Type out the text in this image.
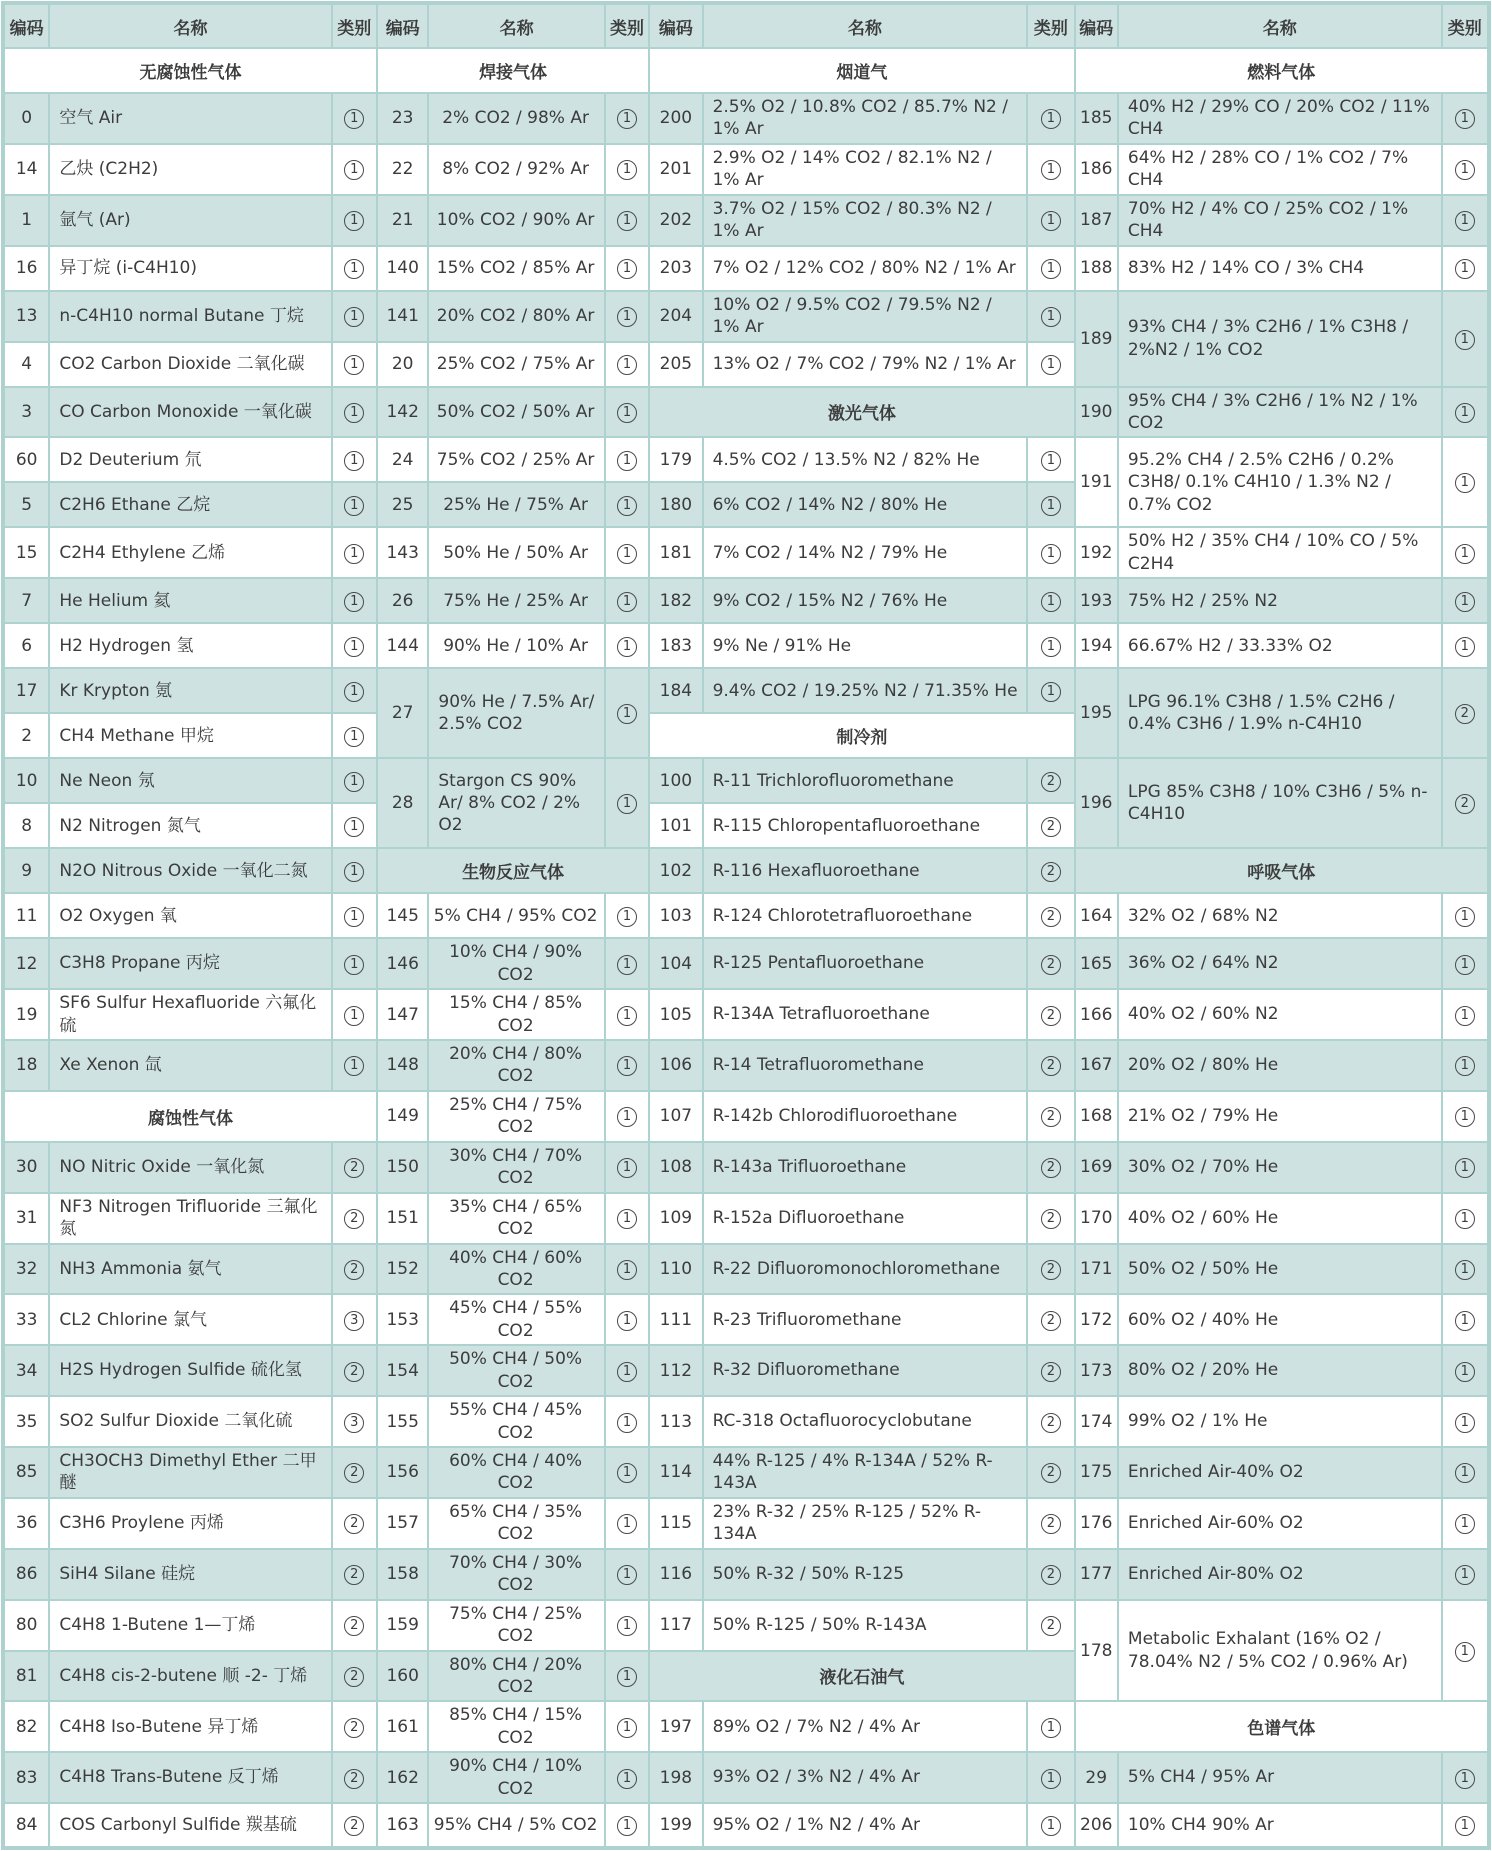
编码	名称	类别	编码	名称	类别	编码	名称	类别	编码	名称	类别
无腐蚀性气体			焊接气体			烟道气			燃料气体		
0	空气 Air	1	23	2% CO2 / 98% Ar	1	200	2.5% O2 / 10.8% CO2 / 85.7% N2 / 1% Ar	1	185	40% H2 / 29% CO / 20% CO2 / 11% CH4	1
14	乙炔 (C2H2)	1	22	8% CO2 / 92% Ar	1	201	2.9% O2 / 14% CO2 / 82.1% N2 / 1% Ar	1	186	64% H2 / 28% CO / 1% CO2 / 7% CH4	1
1	氩气 (Ar)	1	21	10% CO2 / 90% Ar	1	202	3.7% O2 / 15% CO2 / 80.3% N2 / 1% Ar	1	187	70% H2 / 4% CO / 25% CO2 / 1% CH4	1
16	异丁烷 (i-C4H10)	1	140	15% CO2 / 85% Ar	1	203	7% O2 / 12% CO2 / 80% N2 / 1% Ar	1	188	83% H2 / 14% CO / 3% CH4	1
13	n-C4H10 normal Butane 丁烷	1	141	20% CO2 / 80% Ar	1	204	10% O2 / 9.5% CO2 / 79.5% N2 / 1% Ar	1	189	93% CH4 / 3% C2H6 / 1% C3H8 / 2%N2 / 1% CO2	1
4	CO2 Carbon Dioxide 二氧化碳	1	20	25% CO2 / 75% Ar	1	205	13% O2 / 7% CO2 / 79% N2 / 1% Ar	1			
3	CO Carbon Monoxide 一氧化碳	1	142	50% CO2 / 50% Ar	1	激光气体			190	95% CH4 / 3% C2H6 / 1% N2 / 1% CO2	1
60	D2 Deuterium 氘	1	24	75% CO2 / 25% Ar	1	179	4.5% CO2 / 13.5% N2 / 82% He	1	191	95.2% CH4 / 2.5% C2H6 / 0.2% C3H8/ 0.1% C4H10 / 1.3% N2 / 0.7% CO2	1
5	C2H6 Ethane 乙烷	1	25	25% He / 75% Ar	1	180	6% CO2 / 14% N2 / 80% He	1			
15	C2H4 Ethylene 乙烯	1	143	50% He / 50% Ar	1	181	7% CO2 / 14% N2 / 79% He	1	192	50% H2 / 35% CH4 / 10% CO / 5% C2H4	1
7	He Helium 氦	1	26	75% He / 25% Ar	1	182	9% CO2 / 15% N2 / 76% He	1	193	75% H2 / 25% N2	1
6	H2 Hydrogen 氢	1	144	90% He / 10% Ar	1	183	9% Ne / 91% He	1	194	66.67% H2 / 33.33% O2	1
17	Kr Krypton 氪	1	27	90% He / 7.5% Ar/ 2.5% CO2	1	184	9.4% CO2 / 19.25% N2 / 71.35% He	1	195	LPG 96.1% C3H8 / 1.5% C2H6 / 0.4% C3H6 / 1.9% n-C4H10	2
2	CH4 Methane 甲烷	1				制冷剂					
10	Ne Neon 氖	1	28	Stargon CS 90% Ar/ 8% CO2 / 2% O2	1	100	R-11 Trichlorofluoromethane	2	196	LPG 85% C3H8 / 10% C3H6 / 5% n-C4H10	2
8	N2 Nitrogen 氮气	1				101	R-115 Chloropentafluoroethane	2			
9	N2O Nitrous Oxide 一氧化二氮	1	生物反应气体			102	R-116 Hexafluoroethane	2	呼吸气体		
11	O2 Oxygen 氧	1	145	5% CH4 / 95% CO2	1	103	R-124 Chlorotetrafluoroethane	2	164	32% O2 / 68% N2	1
12	C3H8 Propane 丙烷	1	146	10% CH4 / 90% CO2	1	104	R-125 Pentafluoroethane	2	165	36% O2 / 64% N2	1
19	SF6 Sulfur Hexafluoride 六氟化硫	1	147	15% CH4 / 85% CO2	1	105	R-134A Tetrafluoroethane	2	166	40% O2 / 60% N2	1
18	Xe Xenon 氙	1	148	20% CH4 / 80% CO2	1	106	R-14 Tetrafluoromethane	2	167	20% O2 / 80% He	1
腐蚀性气体			149	25% CH4 / 75% CO2	1	107	R-142b Chlorodifluoroethane	2	168	21% O2 / 79% He	1
30	NO Nitric Oxide 一氧化氮	2	150	30% CH4 / 70% CO2	1	108	R-143a Trifluoroethane	2	169	30% O2 / 70% He	1
31	NF3 Nitrogen Trifluoride 三氟化氮	2	151	35% CH4 / 65% CO2	1	109	R-152a Difluoroethane	2	170	40% O2 / 60% He	1
32	NH3 Ammonia 氨气	2	152	40% CH4 / 60% CO2	1	110	R-22 Difluoromonochloromethane	2	171	50% O2 / 50% He	1
33	CL2 Chlorine 氯气	3	153	45% CH4 / 55% CO2	1	111	R-23 Trifluoromethane	2	172	60% O2 / 40% He	1
34	H2S Hydrogen Sulfide 硫化氢	2	154	50% CH4 / 50% CO2	1	112	R-32 Difluoromethane	2	173	80% O2 / 20% He	1
35	SO2 Sulfur Dioxide 二氧化硫	3	155	55% CH4 / 45% CO2	1	113	RC-318 Octafluorocyclobutane	2	174	99% O2 / 1% He	1
85	CH3OCH3 Dimethyl Ether 二甲醚	2	156	60% CH4 / 40% CO2	1	114	44% R-125 / 4% R-134A / 52% R-143A	2	175	Enriched Air-40% O2	1
36	C3H6 Proylene 丙烯	2	157	65% CH4 / 35% CO2	1	115	23% R-32 / 25% R-125 / 52% R-134A	2	176	Enriched Air-60% O2	1
86	SiH4 Silane 硅烷	2	158	70% CH4 / 30% CO2	1	116	50% R-32 / 50% R-125	2	177	Enriched Air-80% O2	1
80	C4H8 1-Butene 1—丁烯	2	159	75% CH4 / 25% CO2	1	117	50% R-125 / 50% R-143A	2	178	Metabolic Exhalant (16% O2 / 78.04% N2 / 5% CO2 / 0.96% Ar)	1
81	C4H8 cis-2-butene 顺 -2- 丁烯	2	160	80% CH4 / 20% CO2	1	液化石油气					
82	C4H8 Iso-Butene 异丁烯	2	161	85% CH4 / 15% CO2	1	197	89% O2 / 7% N2 / 4% Ar	1	色谱气体		
83	C4H8 Trans-Butene 反丁烯	2	162	90% CH4 / 10% CO2	1	198	93% O2 / 3% N2 / 4% Ar	1	29	5% CH4 / 95% Ar	1
84	COS Carbonyl Sulfide 羰基硫	2	163	95% CH4 / 5% CO2	1	199	95% O2 / 1% N2 / 4% Ar	1	206	10% CH4 90% Ar	1
